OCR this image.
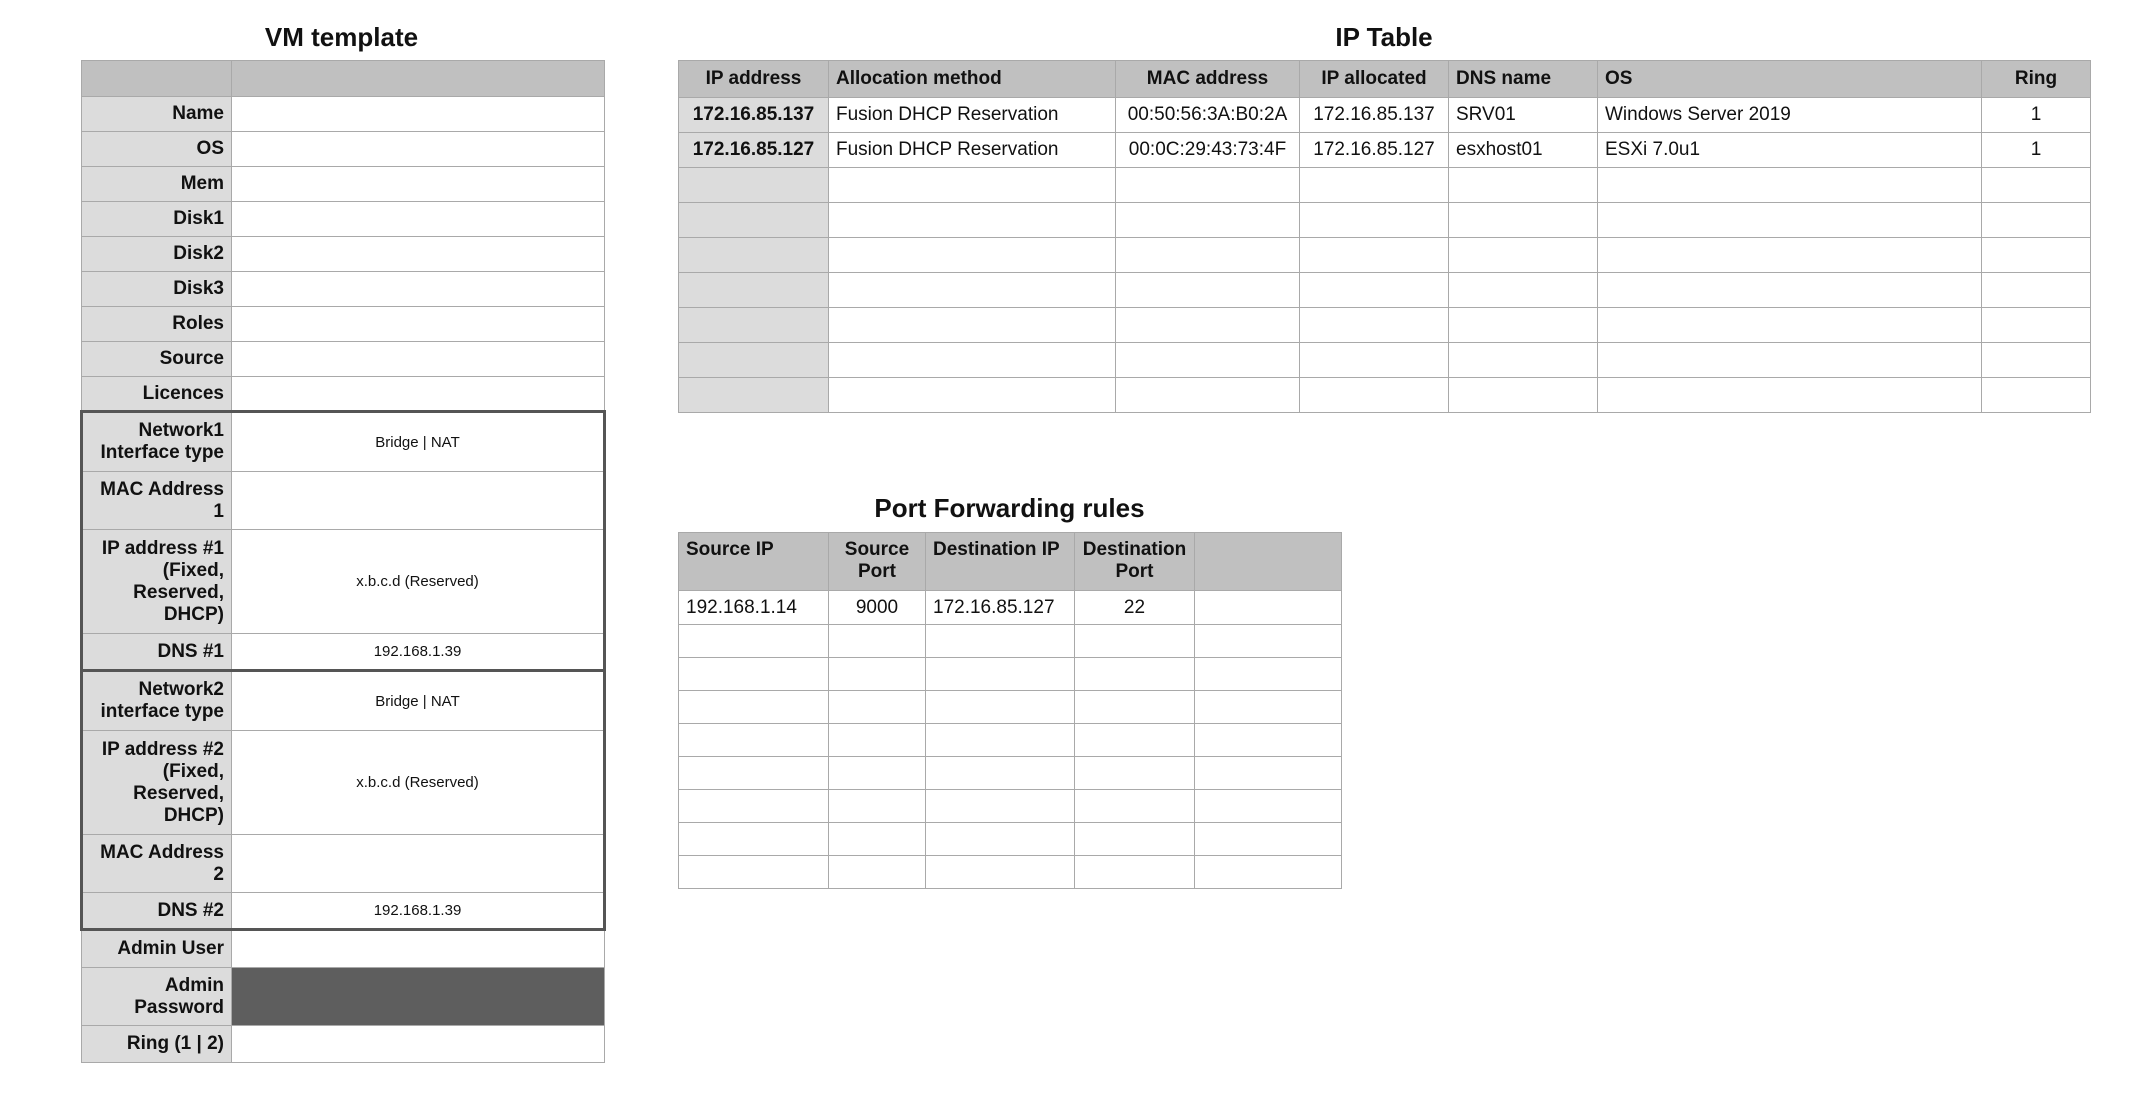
VM template	IP Table
Port Forwarding rules

Name	
OS	
Mem	
Disk1	
Disk2	
Disk3	
Roles	
Source	
Licences	
Network1 Interface type	Bridge | NAT
MAC Address 1	
IP address #1 (Fixed, Reserved, DHCP)	x.b.c.d (Reserved)
DNS #1	192.168.1.39
Network2 interface type	Bridge | NAT
IP address #2 (Fixed, Reserved, DHCP)	x.b.c.d (Reserved)
MAC Address 2	
DNS #2	192.168.1.39
Admin User	
Admin Password	
Ring (1 | 2)	
IP address	Allocation method	MAC address	IP allocated	DNS name	OS	Ring
172.16.85.137	Fusion DHCP Reservation	00:50:56:3A:B0:2A	172.16.85.137	SRV01	Windows Server 2019	1
172.16.85.127	Fusion DHCP Reservation	00:0C:29:43:73:4F	172.16.85.127	esxhost01	ESXi 7.0u1	1

Source IP	Source Port	Destination IP	Destination Port	
192.168.1.14	9000	172.16.85.127	22	
